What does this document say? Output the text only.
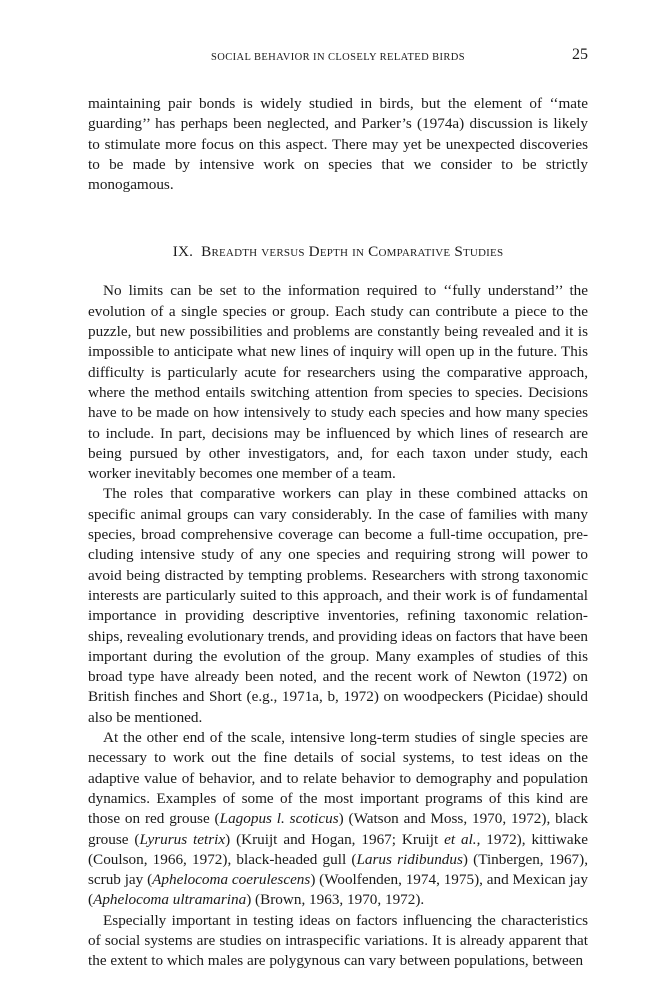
SOCIAL BEHAVIOR IN CLOSELY RELATED BIRDS	25

maintaining pair bonds is widely studied in birds, but the element of ‘‘mate guarding’’ has perhaps been neglected, and Parker’s (1974a) discussion is likely to stimulate more focus on this aspect. There may yet be unexpected discoveries to be made by intensive work on species that we consider to be strictly monogamous.

IX. Breadth versus Depth in Comparative Studies

No limits can be set to the information required to ‘‘fully understand’’ the evolution of a single species or group. Each study can contribute a piece to the puzzle, but new possibilities and problems are constantly being revealed and it is impossible to anticipate what new lines of inquiry will open up in the future. This difficulty is particularly acute for researchers using the comparative approach, where the method entails switching attention from species to species. Decisions have to be made on how intensively to study each species and how many species to include. In part, decisions may be influenced by which lines of research are being pursued by other investigators, and, for each taxon under study, each worker inevitably becomes one member of a team.

The roles that comparative workers can play in these combined attacks on specific animal groups can vary considerably. In the case of families with many species, broad comprehensive coverage can become a full-time occupation, pre-cluding intensive study of any one species and requiring strong will power to avoid being distracted by tempting problems. Researchers with strong taxonomic interests are particularly suited to this approach, and their work is of fundamental importance in providing descriptive inventories, refining taxonomic relation-ships, revealing evolutionary trends, and providing ideas on factors that have been important during the evolution of the group. Many examples of studies of this broad type have already been noted, and the recent work of Newton (1972) on British finches and Short (e.g., 1971a, b, 1972) on woodpeckers (Picidae) should also be mentioned.

At the other end of the scale, intensive long-term studies of single species are necessary to work out the fine details of social systems, to test ideas on the adaptive value of behavior, and to relate behavior to demography and population dynamics. Examples of some of the most important programs of this kind are those on red grouse (Lagopus l. scoticus) (Watson and Moss, 1970, 1972), black grouse (Lyrurus tetrix) (Kruijt and Hogan, 1967; Kruijt et al., 1972), kittiwake (Coulson, 1966, 1972), black-headed gull (Larus ridibundus) (Tinbergen, 1967), scrub jay (Aphelocoma coerulescens) (Woolfenden, 1974, 1975), and Mexican jay (Aphelocoma ultramarina) (Brown, 1963, 1970, 1972).

Especially important in testing ideas on factors influencing the characteristics of social systems are studies on intraspecific variations. It is already apparent that the extent to which males are polygynous can vary between populations, between
